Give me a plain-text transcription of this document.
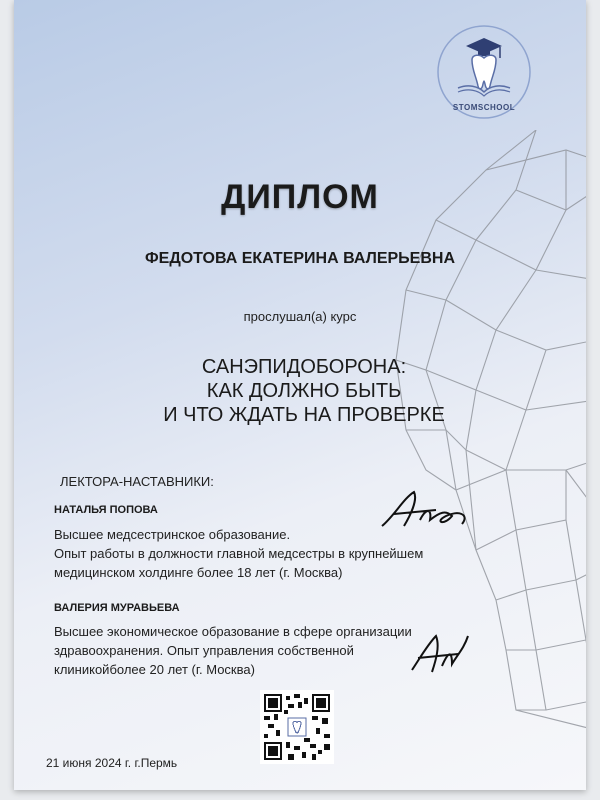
STOMSCHOOL
ДИПЛОМ
ФЕДОТОВА ЕКАТЕРИНА ВАЛЕРЬЕВНА
прослушал(а) курс
САНЭПИДОБОРОНА:
КАК ДОЛЖНО БЫТЬ
И ЧТО ЖДАТЬ НА ПРОВЕРКЕ
ЛЕКТОРА-НАСТАВНИКИ:
НАТАЛЬЯ ПОПОВА
Высшее медсестринское образование.
Опыт работы в должности главной медсестры в крупнейшем
медицинском холдинге более 18 лет (г. Москва)
ВАЛЕРИЯ МУРАВЬЕВА
Высшее экономическое образование в сфере организации
здравоохранения. Опыт управления собственной
клиникойболее 20 лет (г. Москва)
21 июня 2024 г. г.Пермь
